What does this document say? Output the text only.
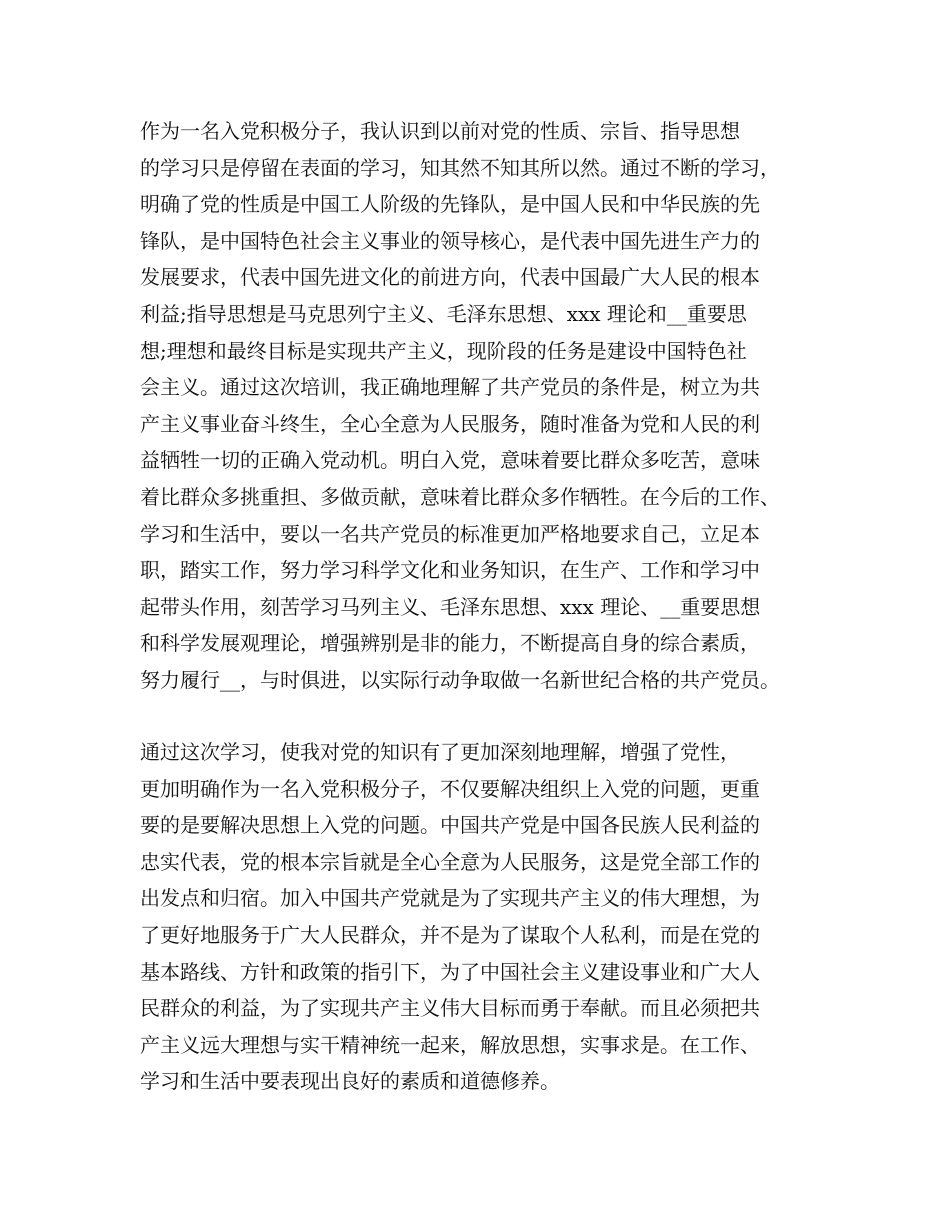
作为一名入党积极分子，我认识到以前对党的性质、宗旨、指导思想
的学习只是停留在表面的学习，知其然不知其所以然。通过不断的学习，
明确了党的性质是中国工人阶级的先锋队，是中国人民和中华民族的先
锋队，是中国特色社会主义事业的领导核心，是代表中国先进生产力的
发展要求，代表中国先进文化的前进方向，代表中国最广大人民的根本
利益;指导思想是马克思列宁主义、毛泽东思想、xxx 理论和__重要思
想;理想和最终目标是实现共产主义，现阶段的任务是建设中国特色社
会主义。通过这次培训，我正确地理解了共产党员的条件是，树立为共
产主义事业奋斗终生，全心全意为人民服务，随时准备为党和人民的利
益牺牲一切的正确入党动机。明白入党，意味着要比群众多吃苦，意味
着比群众多挑重担、多做贡献，意味着比群众多作牺牲。在今后的工作、
学习和生活中，要以一名共产党员的标准更加严格地要求自己，立足本
职，踏实工作，努力学习科学文化和业务知识，在生产、工作和学习中
起带头作用，刻苦学习马列主义、毛泽东思想、xxx 理论、__重要思想
和科学发展观理论，增强辨别是非的能力，不断提高自身的综合素质，
努力履行__，与时俱进，以实际行动争取做一名新世纪合格的共产党员。
通过这次学习，使我对党的知识有了更加深刻地理解，增强了党性，
更加明确作为一名入党积极分子，不仅要解决组织上入党的问题，更重
要的是要解决思想上入党的问题。中国共产党是中国各民族人民利益的
忠实代表，党的根本宗旨就是全心全意为人民服务，这是党全部工作的
出发点和归宿。加入中国共产党就是为了实现共产主义的伟大理想，为
了更好地服务于广大人民群众，并不是为了谋取个人私利，而是在党的
基本路线、方针和政策的指引下，为了中国社会主义建设事业和广大人
民群众的利益，为了实现共产主义伟大目标而勇于奉献。而且必须把共
产主义远大理想与实干精神统一起来，解放思想，实事求是。在工作、
学习和生活中要表现出良好的素质和道德修养。
